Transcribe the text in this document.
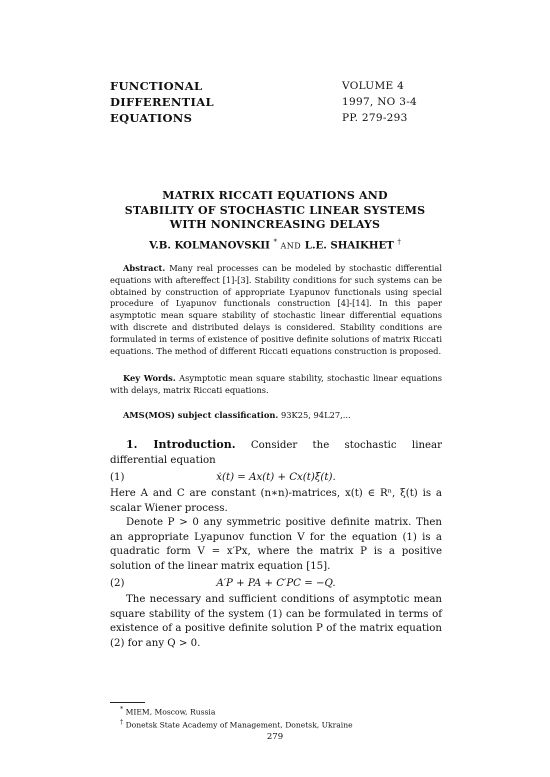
FUNCTIONAL
DIFFERENTIAL
EQUATIONS
VOLUME 4
1997, NO 3-4
PP. 279-293
MATRIX RICCATI EQUATIONS AND
STABILITY OF STOCHASTIC LINEAR SYSTEMS
WITH NONINCREASING DELAYS
V.B. KOLMANOVSKII * AND L.E. SHAIKHET †
Abstract. Many real processes can be modeled by stochastic differential equations with aftereffect [1]-[3]. Stability conditions for such systems can be obtained by construction of appropriate Lyapunov functionals using special procedure of Lyapunov functionals construction [4]-[14]. In this paper asymptotic mean square stability of stochastic linear differential equations with discrete and distributed delays is considered. Stability conditions are formulated in terms of existence of positive definite solutions of matrix Riccati equations. The method of different Riccati equations construction is proposed.
Key Words. Asymptotic mean square stability, stochastic linear equations with delays, matrix Riccati equations.
AMS(MOS) subject classification. 93K25, 94L27,...

1. Introduction. Consider the stochastic linear differential equation

(1)	ẋ(t) = Ax(t) + Cx(t)ξ̇(t).

Here A and C are constant (n∗n)-matrices, x(t) ∈ Rⁿ, ξ(t) is a scalar Wiener process.

Denote P > 0 any symmetric positive definite matrix. Then an appropriate Lyapunov function V for the equation (1) is a quadratic form V = x′Px, where the matrix P is a positive solution of the linear matrix equation [15].

(2)	A′P + PA + C′PC = −Q.

The necessary and sufficient conditions of asymptotic mean square stability of the system (1) can be formulated in terms of existence of a positive definite solution P of the matrix equation (2) for any Q > 0.

* MIEM, Moscow, Russia
† Donetsk State Academy of Management, Donetsk, Ukraine
279
